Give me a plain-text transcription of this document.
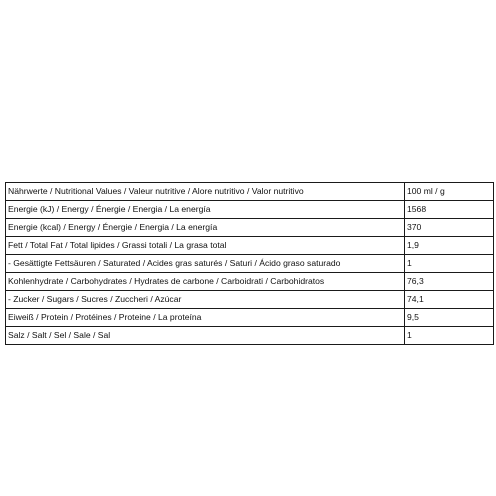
Nährwerte / Nutritional Values / Valeur nutritive / Alore nutritivo / Valor nutritivo	100 ml / g
Energie (kJ) / Energy / Énergie / Energia / La energía	1568
Energie (kcal) / Energy / Énergie / Energia / La energía	370
Fett / Total Fat / Total lipides / Grassi totali / La grasa total	1,9
- Gesättigte Fettsäuren / Saturated / Acides gras saturés / Saturi / Ácido graso saturado	1
Kohlenhydrate / Carbohydrates / Hydrates de carbone / Carboidrati / Carbohidratos	76,3
- Zucker / Sugars / Sucres / Zuccheri / Azúcar	74,1
Eiweiß / Protein / Protéines / Proteine / La proteína	9,5
Salz / Salt / Sel / Sale / Sal	1
